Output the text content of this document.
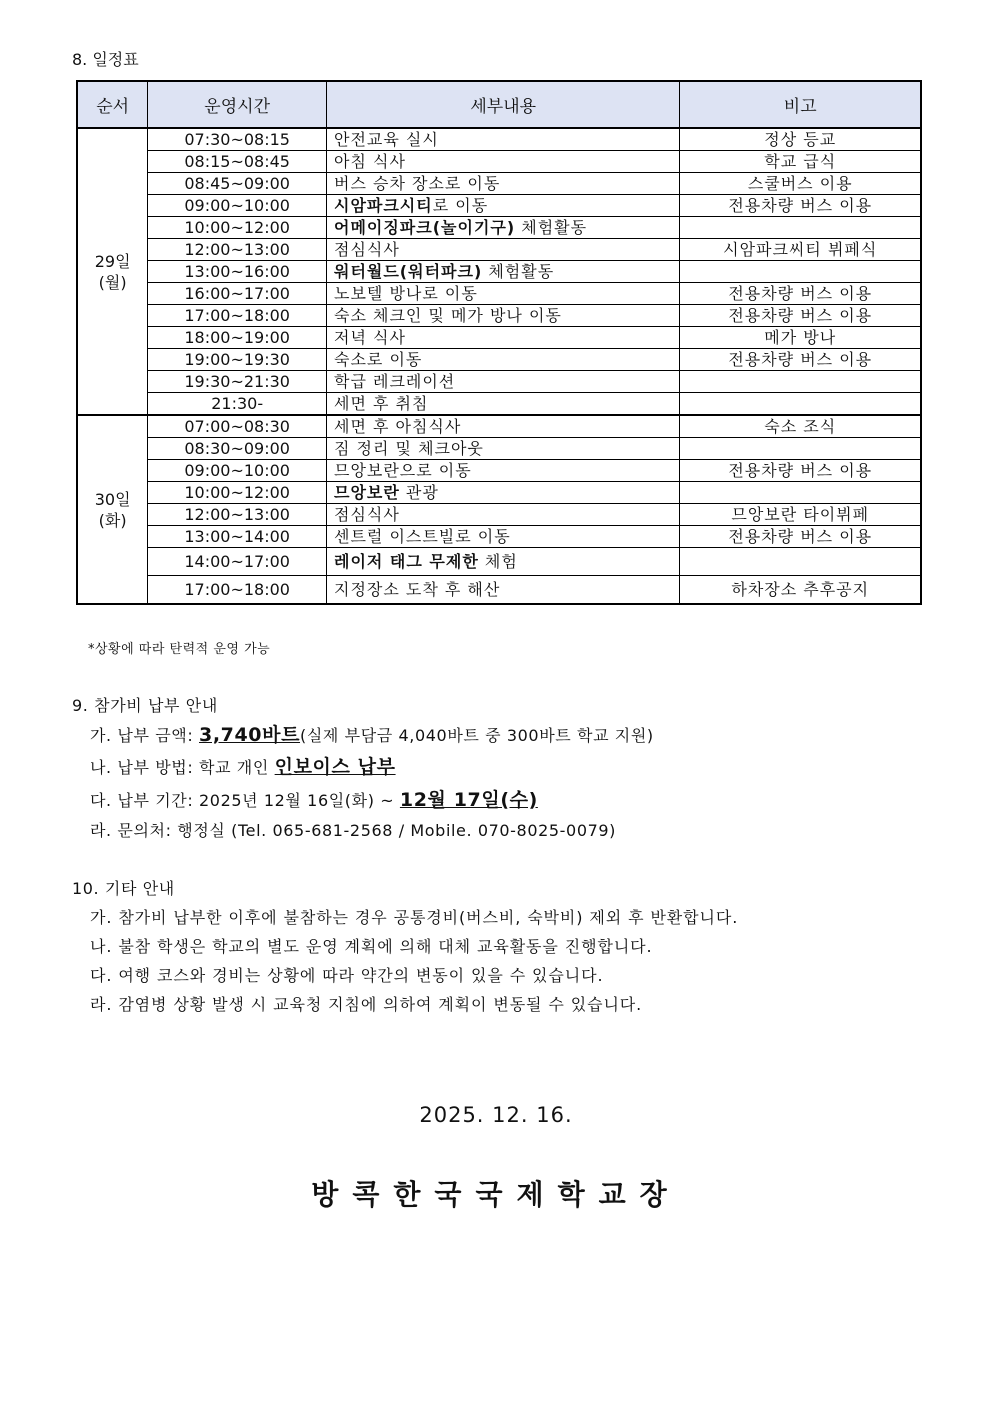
8. 일정표
순서	운영시간	세부내용	비고

29일
(월)	07:30~08:15	안전교육 실시	정상 등교
	08:15~08:45	아침 식사	학교 급식
	08:45~09:00	버스 승차 장소로 이동	스쿨버스 이용
	09:00~10:00	시암파크시티로 이동	전용차량 버스 이용
	10:00~12:00	어메이징파크(놀이기구) 체험활동	
	12:00~13:00	점심식사	시암파크씨티 뷔페식
	13:00~16:00	워터월드(워터파크) 체험활동	
	16:00~17:00	노보텔 방나로 이동	전용차량 버스 이용
	17:00~18:00	숙소 체크인 및 메가 방나 이동	전용차량 버스 이용
	18:00~19:00	저녁 식사	메가 방나
	19:00~19:30	숙소로 이동	전용차량 버스 이용
	19:30~21:30	학급 레크레이션	
	21:30-	세면 후 취침	

30일
(화)	07:00~08:30	세면 후 아침식사	숙소 조식
	08:30~09:00	짐 정리 및 체크아웃	
	09:00~10:00	므앙보란으로 이동	전용차량 버스 이용
	10:00~12:00	므앙보란 관광	
	12:00~13:00	점심식사	므앙보란 타이뷔페
	13:00~14:00	센트럴 이스트빌로 이동	전용차량 버스 이용
	14:00~17:00	레이저 태그 무제한 체험	
	17:00~18:00	지정장소 도착 후 해산	하차장소 추후공지
*상황에 따라 탄력적 운영 가능
9. 참가비 납부 안내
가. 납부 금액: 3,740바트(실제 부담금 4,040바트 중 300바트 학교 지원)
나. 납부 방법: 학교 개인 인보이스 납부
다. 납부 기간: 2025년 12월 16일(화) ~ 12월 17일(수)
라. 문의처: 행정실 (Tel. 065-681-2568 / Mobile. 070-8025-0079)
10. 기타 안내
가. 참가비 납부한 이후에 불참하는 경우 공통경비(버스비, 숙박비) 제외 후 반환합니다.
나. 불참 학생은 학교의 별도 운영 계획에 의해 대체 교육활동을 진행합니다.
다. 여행 코스와 경비는 상황에 따라 약간의 변동이 있을 수 있습니다.
라. 감염병 상황 발생 시 교육청 지침에 의하여 계획이 변동될 수 있습니다.
2025. 12. 16.
방콕한국국제학교장
